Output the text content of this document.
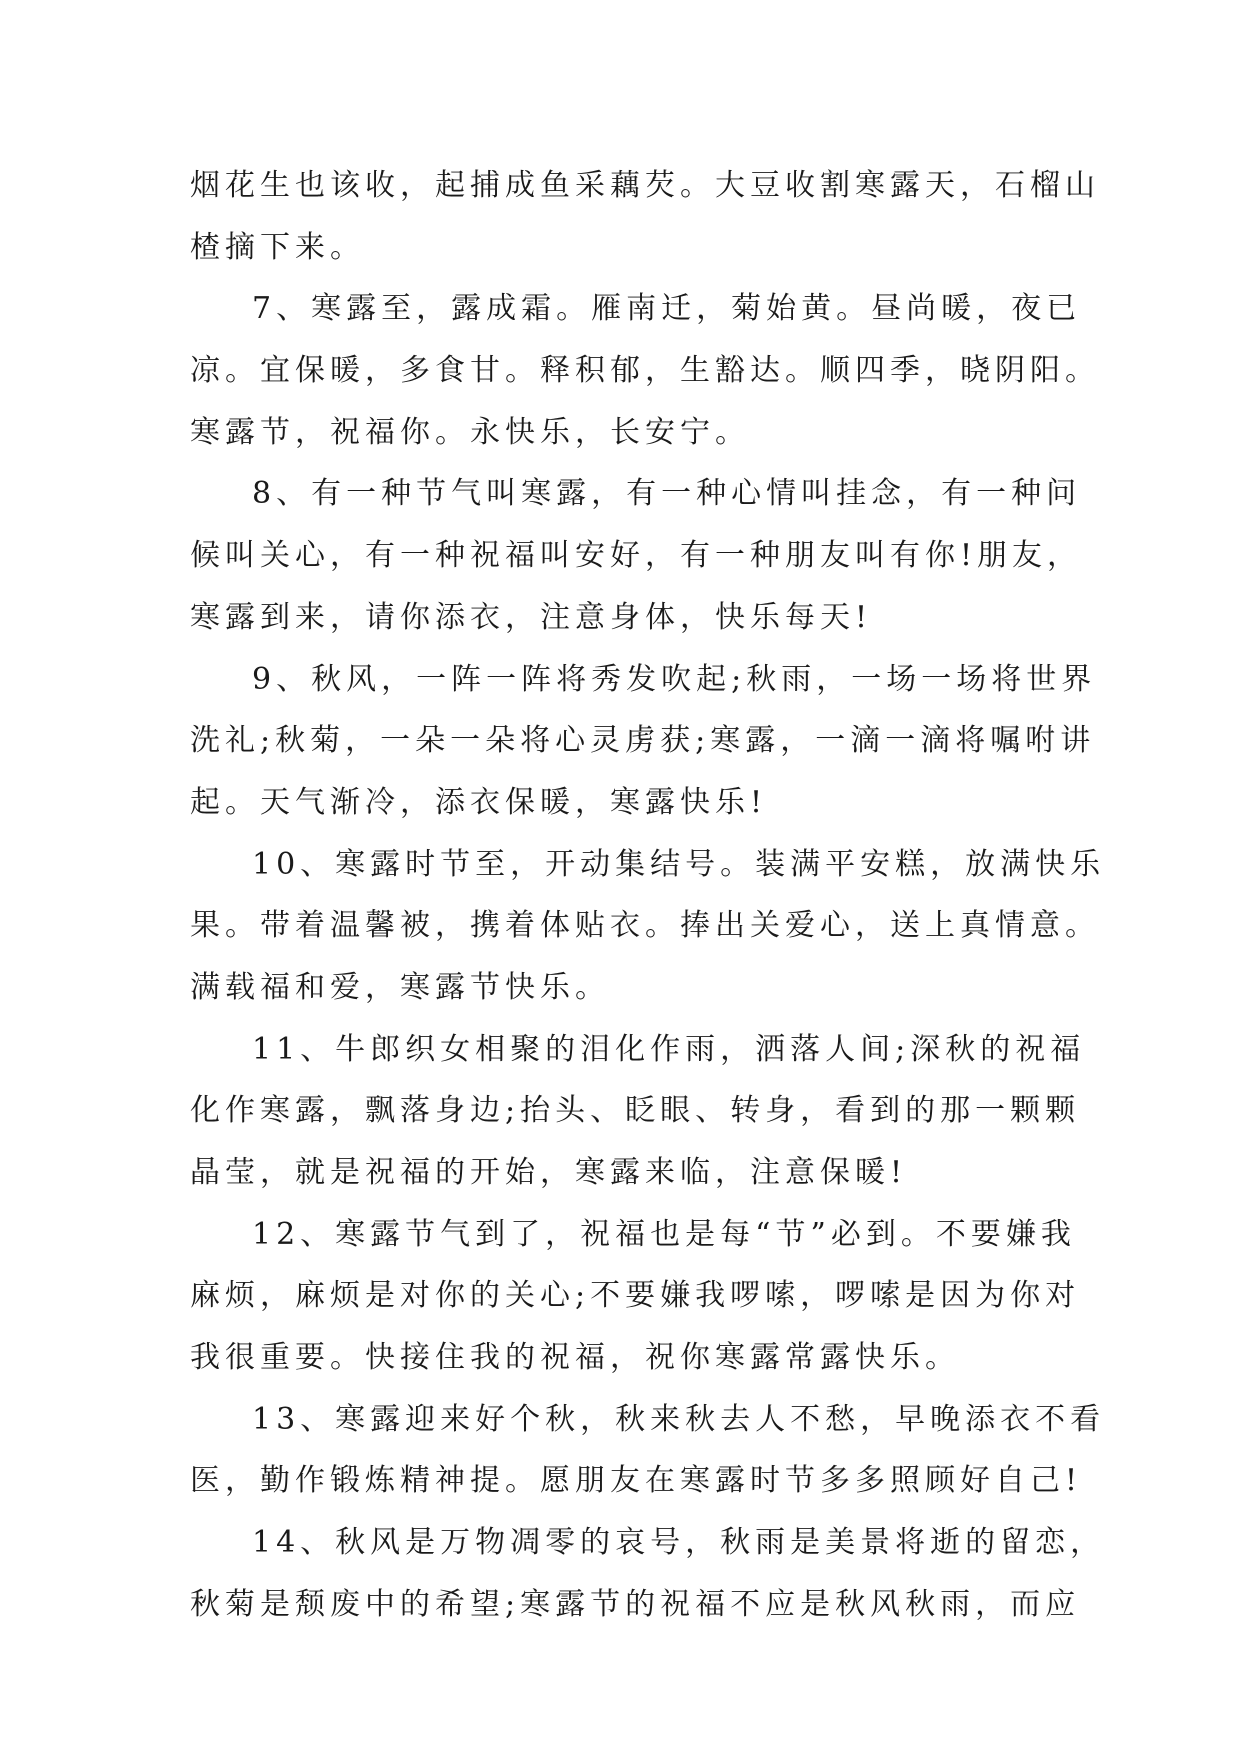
烟花生也该收，起捕成鱼采藕芡。大豆收割寒露天，石榴山
楂摘下来。
7、寒露至，露成霜。雁南迁，菊始黄。昼尚暖，夜已
凉。宜保暖，多食甘。释积郁，生豁达。顺四季，晓阴阳。
寒露节，祝福你。永快乐，长安宁。
8、有一种节气叫寒露，有一种心情叫挂念，有一种问
候叫关心，有一种祝福叫安好，有一种朋友叫有你!朋友，
寒露到来，请你添衣，注意身体，快乐每天!
9、秋风，一阵一阵将秀发吹起;秋雨，一场一场将世界
洗礼;秋菊，一朵一朵将心灵虏获;寒露，一滴一滴将嘱咐讲
起。天气渐冷，添衣保暖，寒露快乐!
10、寒露时节至，开动集结号。装满平安糕，放满快乐
果。带着温馨被，携着体贴衣。捧出关爱心，送上真情意。
满载福和爱，寒露节快乐。
11、牛郎织女相聚的泪化作雨，洒落人间;深秋的祝福
化作寒露，飘落身边;抬头、眨眼、转身，看到的那一颗颗
晶莹，就是祝福的开始，寒露来临，注意保暖!
12、寒露节气到了，祝福也是每“节”必到。不要嫌我
麻烦，麻烦是对你的关心;不要嫌我啰嗦，啰嗦是因为你对
我很重要。快接住我的祝福，祝你寒露常露快乐。
13、寒露迎来好个秋，秋来秋去人不愁，早晚添衣不看
医，勤作锻炼精神提。愿朋友在寒露时节多多照顾好自己!
14、秋风是万物凋零的哀号，秋雨是美景将逝的留恋，
秋菊是颓废中的希望;寒露节的祝福不应是秋风秋雨，而应
